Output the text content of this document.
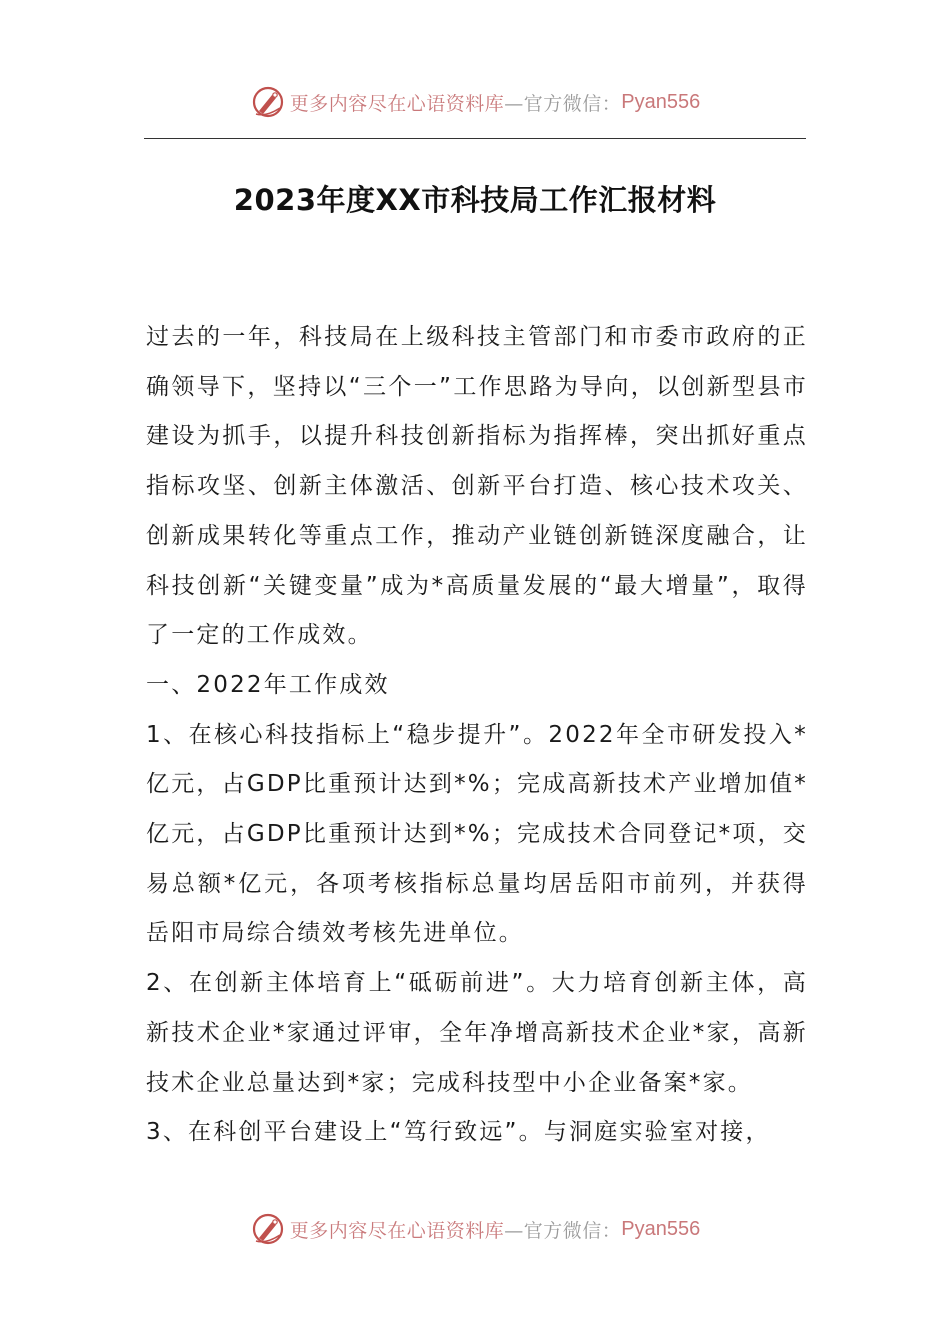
更多内容尽在心语资料库 —官方微信： Pyan556
2023年度XX市科技局工作汇报材料

过去的一年，科技局在上级科技主管部门和市委市政府的正确领导下，坚持以“三个一”工作思路为导向，以创新型县市建设为抓手，以提升科技创新指标为指挥棒，突出抓好重点指标攻坚、创新主体激活、创新平台打造、核心技术攻关、创新成果转化等重点工作，推动产业链创新链深度融合，让科技创新“关键变量”成为*高质量发展的“最大增量”，取得了一定的工作成效。

一、2022年工作成效

1、在核心科技指标上“稳步提升”。2022年全市研发投入*亿元，占GDP比重预计达到*%；完成高新技术产业增加值*亿元，占GDP比重预计达到*%；完成技术合同登记*项，交易总额*亿元，各项考核指标总量均居岳阳市前列，并获得岳阳市局综合绩效考核先进单位。

2、在创新主体培育上“砥砺前进”。大力培育创新主体，高新技术企业*家通过评审，全年净增高新技术企业*家，高新技术企业总量达到*家；完成科技型中小企业备案*家。

3、在科创平台建设上“笃行致远”。与洞庭实验室对接，

更多内容尽在心语资料库 —官方微信： Pyan556
